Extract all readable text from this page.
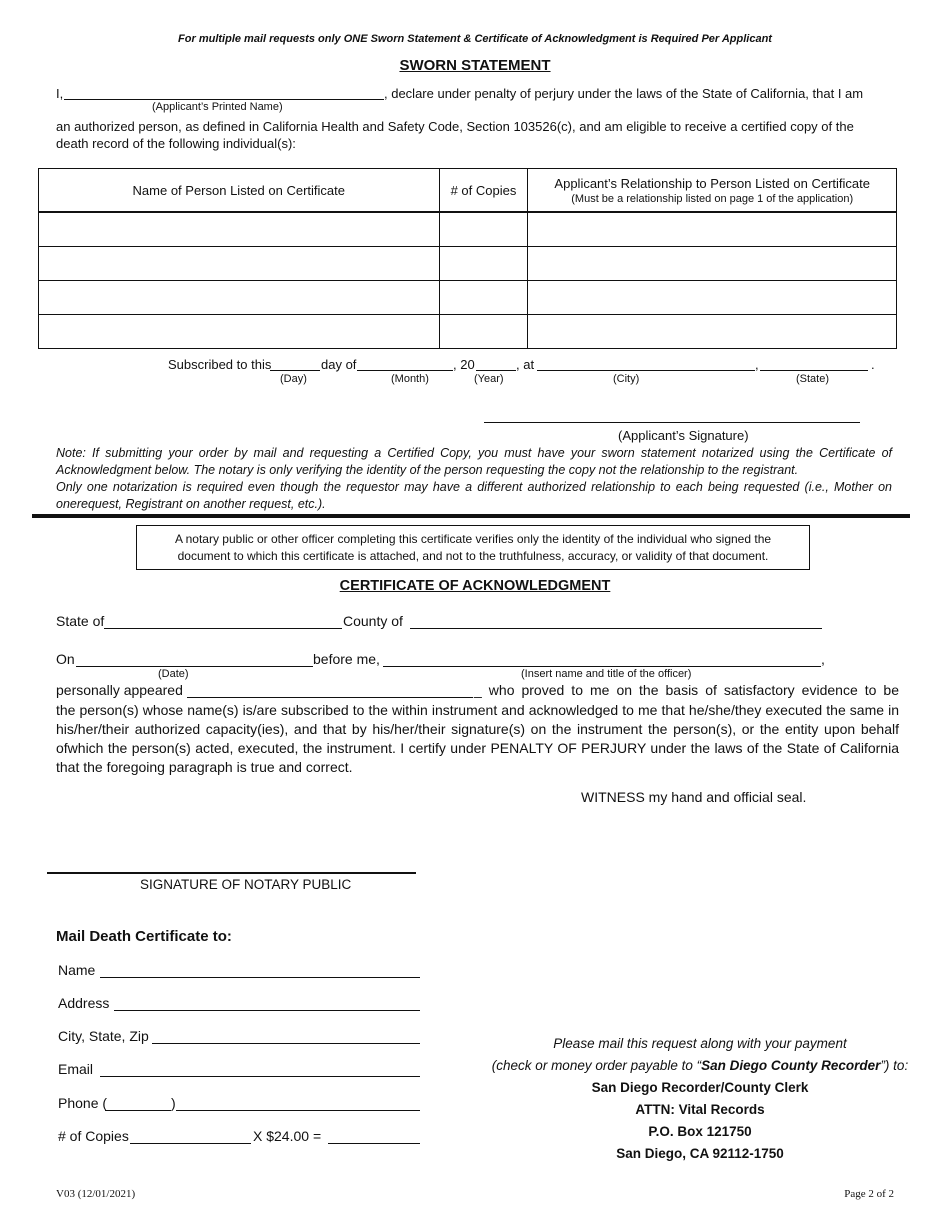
For multiple mail requests only ONE Sworn Statement & Certificate of Acknowledgment is Required Per Applicant
SWORN STATEMENT
I,	, declare under penalty of perjury under the laws of the State of California, that I am
(Applicant’s Printed Name)
an authorized person, as defined in California Health and Safety Code, Section 103526(c), and am eligible to receive a certified copy of the
death record of the following individual(s):
Name of Person Listed on Certificate	# of Copies	Applicant’s Relationship to Person Listed on Certificate
(Must be a relationship listed on page 1 of the application)

Subscribed to this	day of	, 20	, at	,	.
(Day)	(Month)	(Year)	(City)	(State)
(Applicant’s Signature)
Note: If submitting your order by mail and requesting a Certified Copy, you must have your sworn statement notarized using the Certificate of Acknowledgment below. The notary is only verifying the identity of the person requesting the copy not the relationship to the registrant.
Only one notarization is required even though the requestor may have a different authorized relationship to each being requested (i.e., Mother on onerequest, Registrant on another request, etc.).
A notary public or other officer completing this certificate verifies only the identity of the individual who signed the
document to which this certificate is attached, and not to the truthfulness, accuracy, or validity of that document.
CERTIFICATE OF ACKNOWLEDGMENT
State of	County of
On	before me,	,
(Date)	(Insert name and title of the officer)
personally appeared	_ who proved to me on the basis of satisfactory evidence to be
the person(s) whose name(s) is/are subscribed to the within instrument and acknowledged to me that he/she/they executed the same in his/her/their authorized capacity(ies), and that by his/her/their signature(s) on the instrument the person(s), or the entity upon behalf ofwhich the person(s) acted, executed, the instrument. I certify under PENALTY OF PERJURY under the laws of the State of California that the foregoing paragraph is true and correct.
WITNESS my hand and official seal.
SIGNATURE OF NOTARY PUBLIC
Mail Death Certificate to:
Name
Address
City, State, Zip
Email
Phone (	)
# of Copies	X $24.00 =
Please mail this request along with your payment
(check or money order payable to “San Diego County Recorder”) to:
San Diego Recorder/County Clerk
ATTN: Vital Records
P.O. Box 121750
San Diego, CA 92112-1750
V03 (12/01/2021)	Page 2 of 2
